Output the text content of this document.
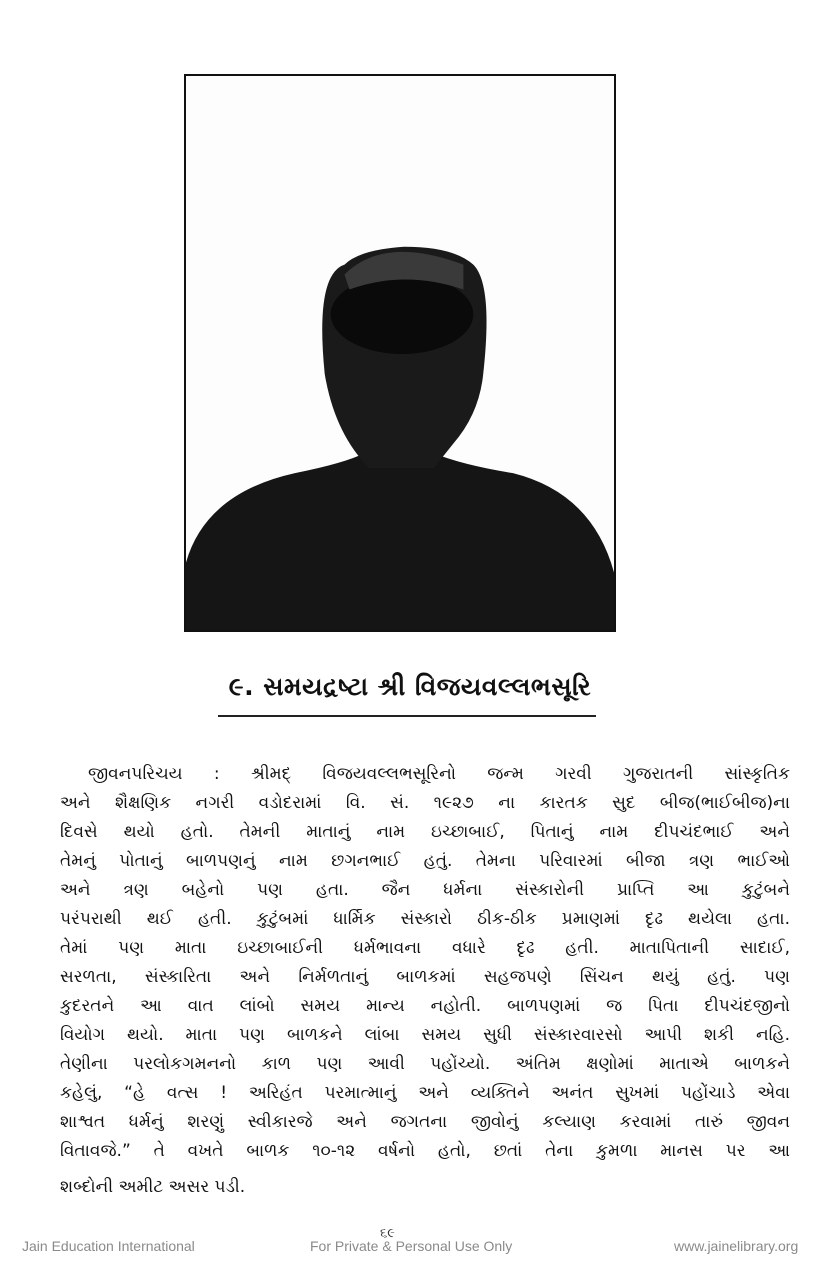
૯. સમયદ્રષ્ટા શ્રી વિજયવલ્લભસૂરિ
જીવનપરિચય : શ્રીમદ્ વિજયવલ્લભસૂરિનો જન્મ ગરવી ગુજરાતની સાંસ્કૃતિક
અને શૈક્ષણિક નગરી વડોદરામાં વિ. સં. ૧૯૨૭ ના કારતક સુદ બીજ(ભાઈબીજ)ના
દિવસે થયો હતો. તેમની માતાનું નામ ઇચ્છાબાઈ, પિતાનું નામ દીપચંદભાઈ અને
તેમનું પોતાનું બાળપણનું નામ છગનભાઈ હતું. તેમના પરિવારમાં બીજા ત્રણ ભાઈઓ
અને ત્રણ બહેનો પણ હતા. જૈન ધર્મના સંસ્કારોની પ્રાપ્તિ આ કુટુંબને
પરંપરાથી થઈ હતી. કુટુંબમાં ધાર્મિક સંસ્કારો ઠીક-ઠીક પ્રમાણમાં દૃઢ થયેલા હતા.
તેમાં પણ માતા ઇચ્છાબાઈની ધર્મભાવના વધારે દૃઢ હતી. માતાપિતાની સાદાઈ,
સરળતા, સંસ્કારિતા અને નિર્મળતાનું બાળકમાં સહજપણે સિંચન થયું હતું. પણ
કુદરતને આ વાત લાંબો સમય માન્ય નહોતી. બાળપણમાં જ પિતા દીપચંદજીનો
વિયોગ થયો. માતા પણ બાળકને લાંબા સમય સુધી સંસ્કારવારસો આપી શકી નહિ.
તેણીના પરલોકગમનનો કાળ પણ આવી પહોંચ્યો. અંતિમ ક્ષણોમાં માતાએ બાળકને
કહેલું, “હે વત્સ ! અરિહંત પરમાત્માનું અને વ્યક્તિને અનંત સુખમાં પહોંચાડે એવા
શાશ્વત ધર્મનું શરણું સ્વીકારજે અને જગતના જીવોનું કલ્યાણ કરવામાં તારું જીવન
વિતાવજે.” તે વખતે બાળક ૧૦-૧૨ વર્ષનો હતો, છતાં તેના કુમળા માનસ પર આ
શબ્દોની અમીટ અસર પડી.
૬૯
Jain Education International	For Private & Personal Use Only	www.jainelibrary.org
